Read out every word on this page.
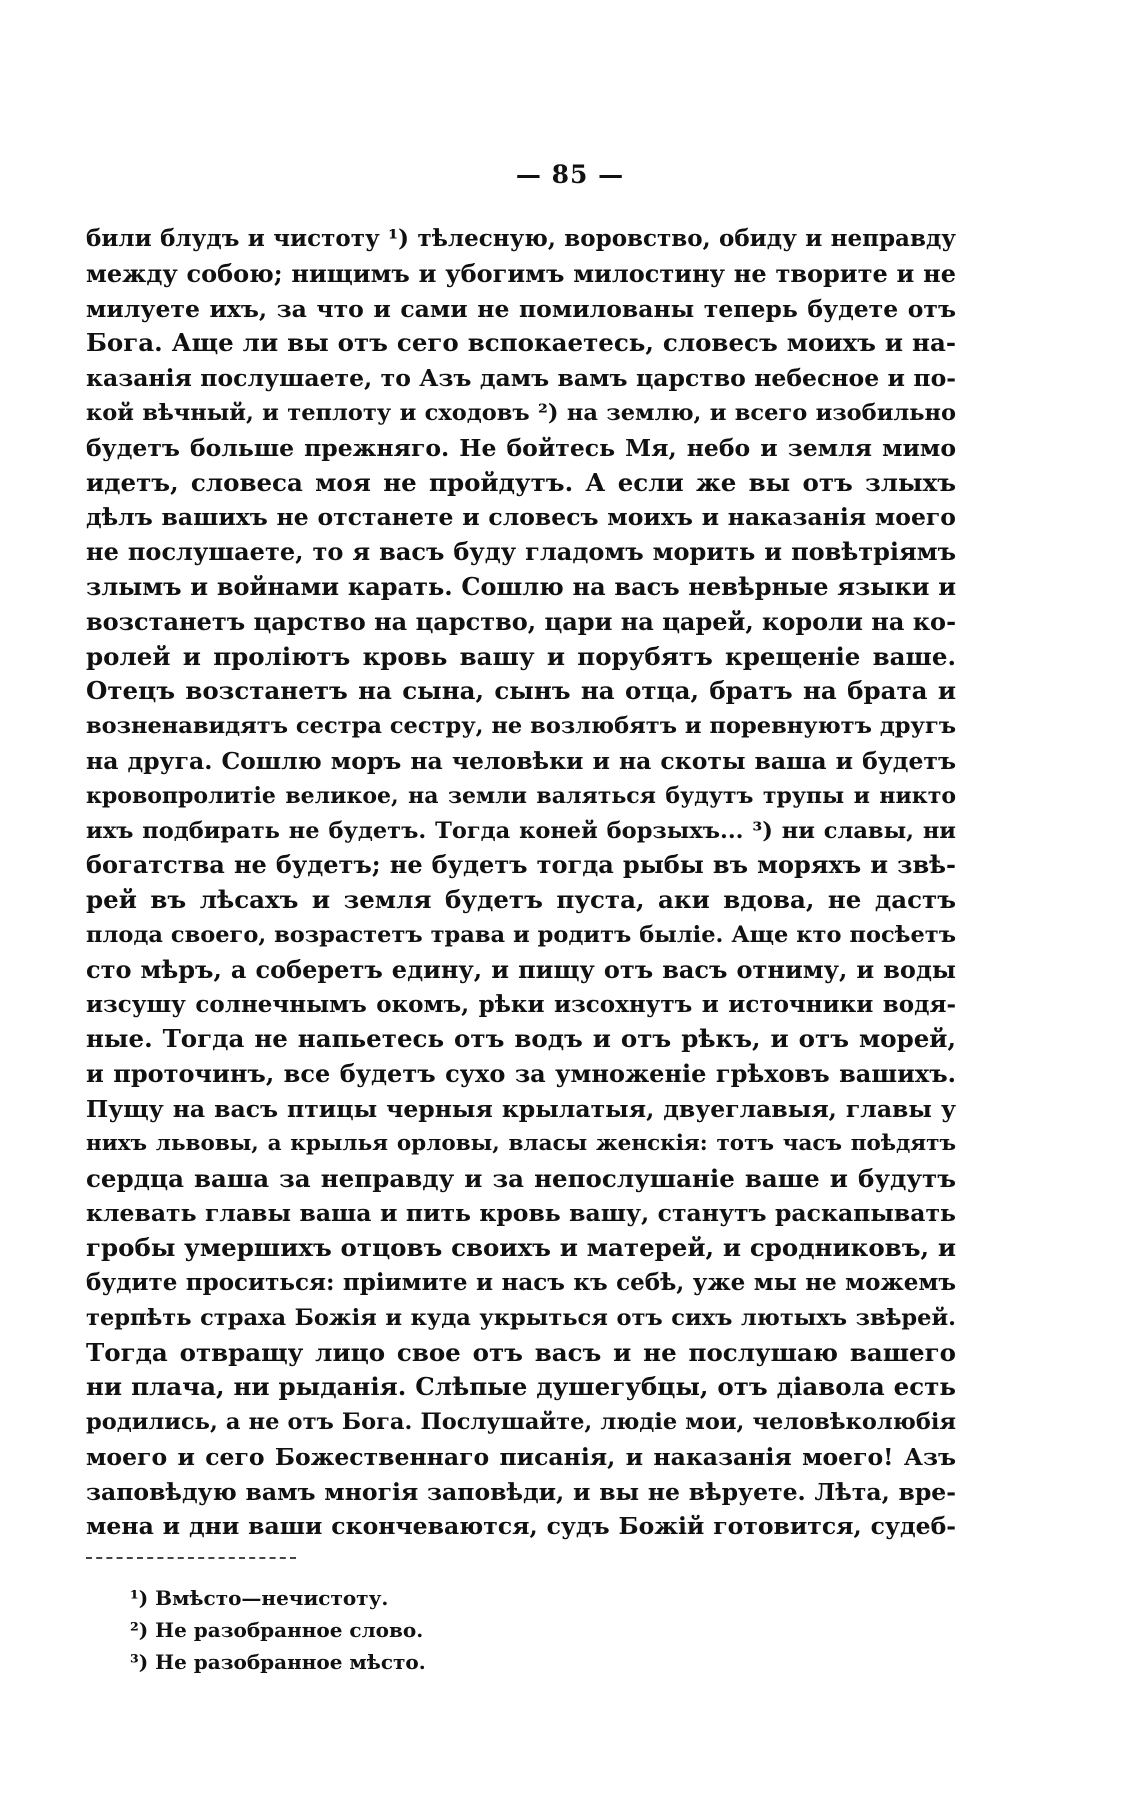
— 85 —
били блудъ и чистоту ¹) тѣлесную, воровство, обиду и неправду
между собою; нищимъ и убогимъ милостину не творите и не
милуете ихъ, за что и сами не помилованы теперь будете отъ
Бога. Аще ли вы отъ сего вспокаетесь, словесъ моихъ и на-
казанія послушаете, то Азъ дамъ вамъ царство небесное и по-
кой вѣчный, и теплоту и сходовъ ²) на землю, и всего изобильно
будетъ больше прежняго. Не бойтесь Мя, небо и земля мимо
идетъ, словеса моя не пройдутъ. А если же вы отъ злыхъ
дѣлъ вашихъ не отстанете и словесъ моихъ и наказанія моего
не послушаете, то я васъ буду гладомъ морить и повѣтріямъ
злымъ и войнами карать. Сошлю на васъ невѣрные языки и
возстанетъ царство на царство, цари на царей, короли на ко-
ролей и пролiютъ кровь вашу и порубятъ крещеніе ваше.
Отецъ возстанетъ на сына, сынъ на отца, братъ на брата и
возненавидятъ сестра сестру, не возлюбятъ и поревнуютъ другъ
на друга. Сошлю моръ на человѣки и на скоты ваша и будетъ
кровопролитіе великое, на земли валяться будутъ трупы и никто
ихъ подбирать не будетъ. Тогда коней борзыхъ... ³) ни славы, ни
богатства не будетъ; не будетъ тогда рыбы въ моряхъ и звѣ-
рей въ лѣсахъ и земля будетъ пуста, аки вдова, не дастъ
плода своего, возрастетъ трава и родитъ быліе. Аще кто посѣетъ
сто мѣръ, а соберетъ едину, и пищу отъ васъ отниму, и воды
изсушу солнечнымъ окомъ, рѣки изсохнутъ и источники водя-
ные. Тогда не напьетесь отъ водъ и отъ рѣкъ, и отъ морей,
и проточинъ, все будетъ сухо за умноженіе грѣховъ вашихъ.
Пущу на васъ птицы черныя крылатыя, двуеглавыя, главы у
нихъ львовы, а крылья орловы, власы женскія: тотъ часъ поѣдятъ
сердца ваша за неправду и за непослушаніе ваше и будутъ
клевать главы ваша и пить кровь вашу, станутъ раскапывать
гробы умершихъ отцовъ своихъ и матерей, и сродниковъ, и
будите проситься: пріимите и насъ къ себѣ, уже мы не можемъ
терпѣть страха Божія и куда укрыться отъ сихъ лютыхъ звѣрей.
Тогда отвращу лицо свое отъ васъ и не послушаю вашего
ни плача, ни рыданія. Слѣпые душегубцы, отъ діавола есть
родились, а не отъ Бога. Послушайте, людіе мои, человѣколюбія
моего и сего Божественнаго писанія, и наказанія моего! Азъ
заповѣдую вамъ многія заповѣди, и вы не вѣруете. Лѣта, вре-
мена и дни ваши скончеваются, судъ Божій готовится, судеб-
¹) Вмѣсто—нечистоту.
²) Не разобранное слово.
³) Не разобранное мѣсто.
